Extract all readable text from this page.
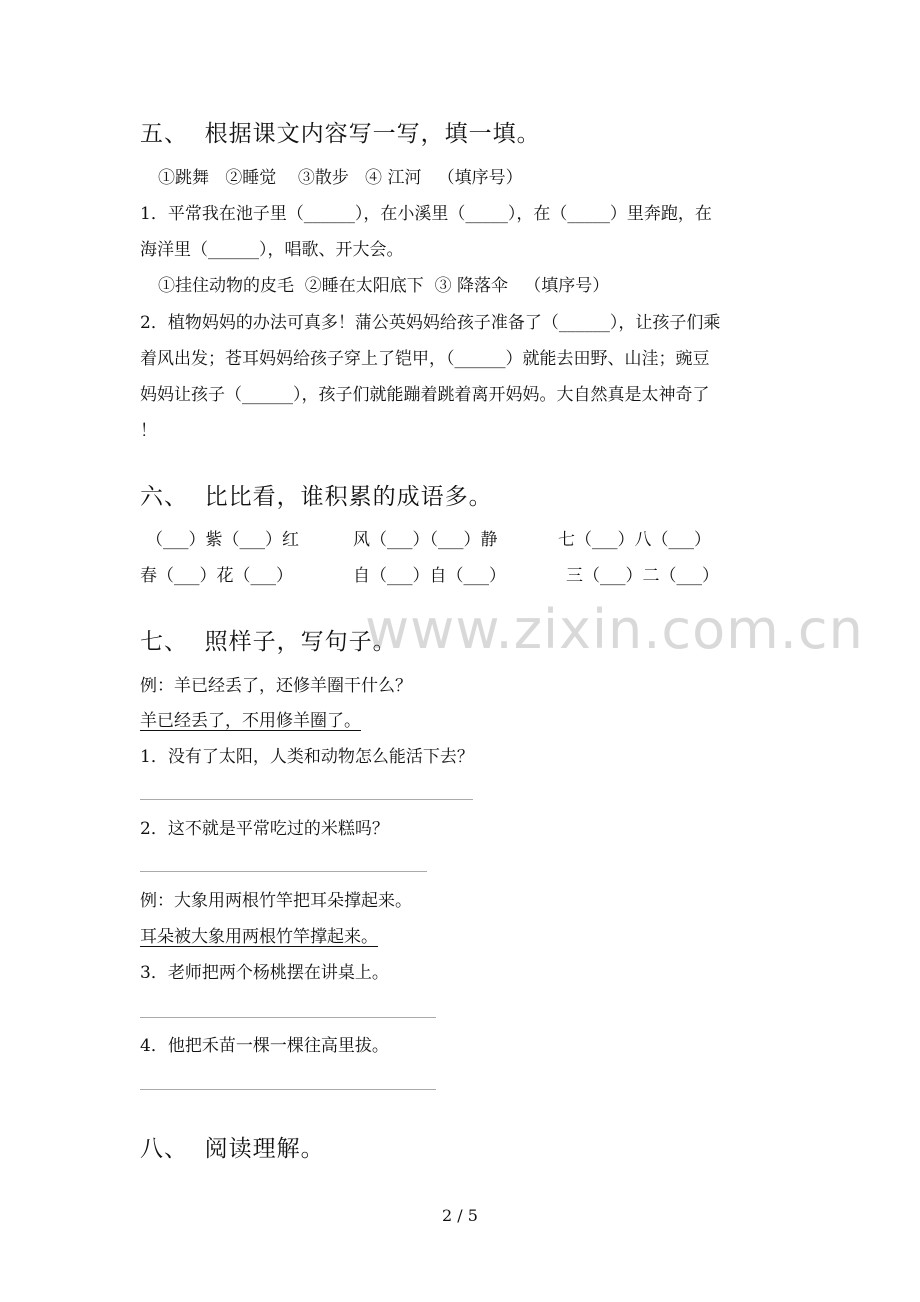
www.zixin.com.cn
五、  根据课文内容写一写，填一填。
①跳舞   ②睡觉    ③散步   ④ 江河   （填序号）
1．平常我在池子里（______），在小溪里（_____），在（_____）里奔跑，在
海洋里（______），唱歌、开大会。
①挂住动物的皮毛  ②睡在太阳底下  ③ 降落伞   （填序号）
2．植物妈妈的办法可真多！蒲公英妈妈给孩子准备了（______），让孩子们乘
着风出发；苍耳妈妈给孩子穿上了铠甲，（______）就能去田野、山洼；豌豆
妈妈让孩子（______），孩子们就能蹦着跳着离开妈妈。大自然真是太神奇了
！
六、  比比看，谁积累的成语多。
（___）紫（___）红	风（___）（___）静	七（___）八（___）
春（___）花（___）	自（___）自（___）	三（___）二（___）
七、  照样子，写句子。
例：羊已经丢了，还修羊圈干什么？
羊已经丢了，不用修羊圈了。
1．没有了太阳，人类和动物怎么能活下去？
2．这不就是平常吃过的米糕吗？
例：大象用两根竹竿把耳朵撑起来。
耳朵被大象用两根竹竿撑起来。
3．老师把两个杨桃摆在讲桌上。
4．他把禾苗一棵一棵往高里拔。
八、  阅读理解。
2 / 5
